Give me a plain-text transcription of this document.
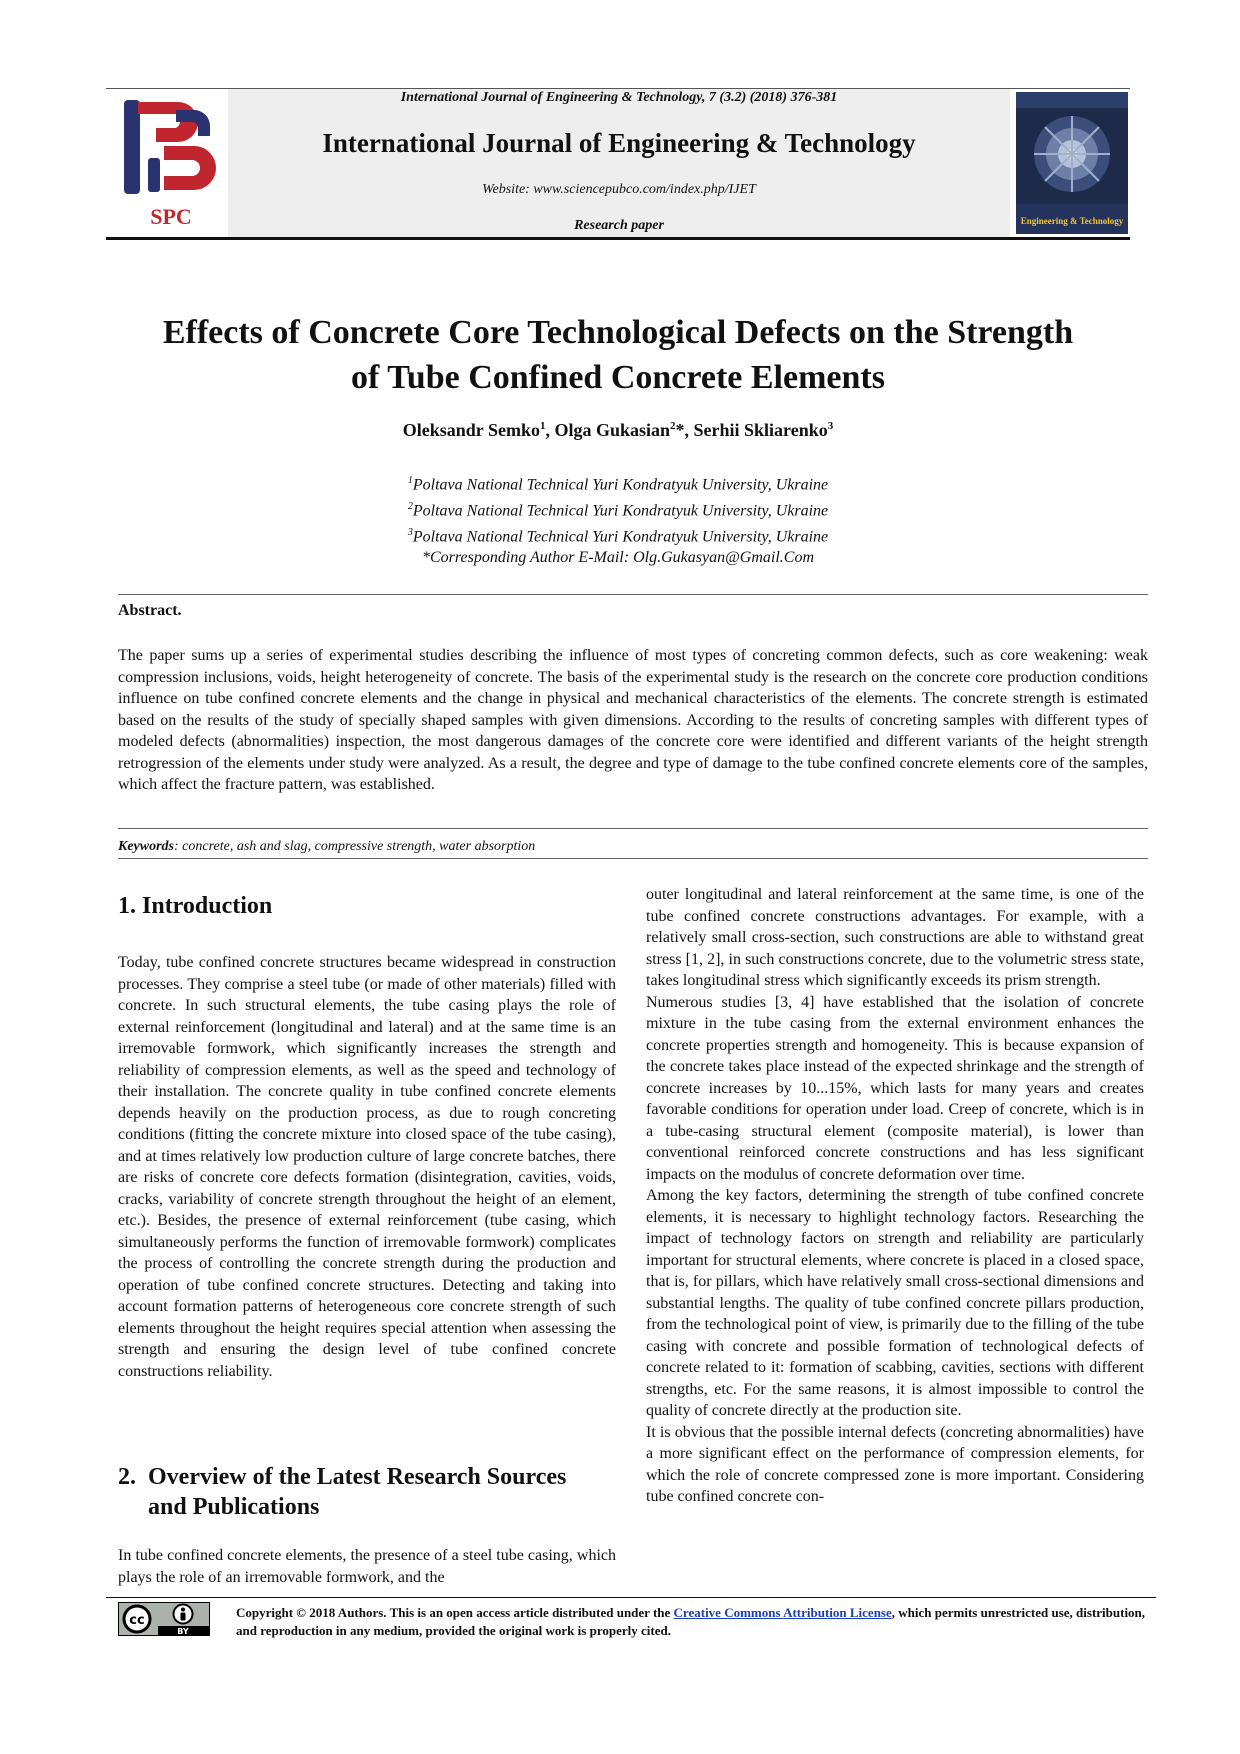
SPC
International Journal of Engineering & Technology, 7 (3.2) (2018) 376-381
International Journal of Engineering & Technology
Website: www.sciencepubco.com/index.php/IJET
Research paper	Engineering & Technology
Effects of Concrete Core Technological Defects on the Strength
of Tube Confined Concrete Elements
Oleksandr Semko$^1$, Olga Gukasian$^2$*, Serhii Skliarenko$^3$
$^1$Poltava National Technical Yuri Kondratyuk University, Ukraine
$^2$Poltava National Technical Yuri Kondratyuk University, Ukraine
$^3$Poltava National Technical Yuri Kondratyuk University, Ukraine
*Corresponding Author E-Mail: Olg.Gukasyan@Gmail.Com
Abstract.
The paper sums up a series of experimental studies describing the influence of most types of concreting common defects, such as core weakening: weak compression inclusions, voids, height heterogeneity of concrete. The basis of the experimental study is the research on the concrete core production conditions influence on tube confined concrete elements and the change in physical and mechanical characteristics of the elements. The concrete strength is estimated based on the results of the study of specially shaped samples with given dimensions. According to the results of concreting samples with different types of modeled defects (abnormalities) inspection, the most dangerous damages of the concrete core were identified and different variants of the height strength retrogression of the elements under study were analyzed. As a result, the degree and type of damage to the tube confined concrete elements core of the samples, which affect the fracture pattern, was established.
Keywords: concrete, ash and slag, compressive strength, water absorption
1. Introduction

Today, tube confined concrete structures became widespread in construction processes. They comprise a steel tube (or made of other materials) filled with concrete. In such structural elements, the tube casing plays the role of external reinforcement (longitudinal and lateral) and at the same time is an irremovable formwork, which significantly increases the strength and reliability of compression elements, as well as the speed and technology of their installation. The concrete quality in tube confined concrete elements depends heavily on the production process, as due to rough concreting conditions (fitting the concrete mixture into closed space of the tube casing), and at times relatively low production culture of large concrete batches, there are risks of concrete core defects formation (disintegration, cavities, voids, cracks, variability of concrete strength throughout the height of an element, etc.). Besides, the presence of external reinforcement (tube casing, which simultaneously performs the function of irremovable formwork) complicates the process of controlling the concrete strength during the production and operation of tube confined concrete structures. Detecting and taking into account formation patterns of heterogeneous core concrete strength of such elements throughout the height requires special attention when assessing the strength and ensuring the design level of tube confined concrete constructions reliability.

2. Overview of the Latest Research Sources
and Publications

In tube confined concrete elements, the presence of a steel tube casing, which plays the role of an irremovable formwork, and the

outer longitudinal and lateral reinforcement at the same time, is one of the tube confined concrete constructions advantages. For example, with a relatively small cross-section, such constructions are able to withstand great stress [1, 2], in such constructions concrete, due to the volumetric stress state, takes longitudinal stress which significantly exceeds its prism strength.

Numerous studies [3, 4] have established that the isolation of concrete mixture in the tube casing from the external environment enhances the concrete properties strength and homogeneity. This is because expansion of the concrete takes place instead of the expected shrinkage and the strength of concrete increases by 10...15%, which lasts for many years and creates favorable conditions for operation under load. Creep of concrete, which is in a tube-casing structural element (composite material), is lower than conventional reinforced concrete constructions and has less significant impacts on the modulus of concrete deformation over time.

Among the key factors, determining the strength of tube confined concrete elements, it is necessary to highlight technology factors. Researching the impact of technology factors on strength and reliability are particularly important for structural elements, where concrete is placed in a closed space, that is, for pillars, which have relatively small cross-sectional dimensions and substantial lengths. The quality of tube confined concrete pillars production, from the technological point of view, is primarily due to the filling of the tube casing with concrete and possible formation of technological defects of concrete related to it: formation of scabbing, cavities, sections with different strengths, etc. For the same reasons, it is almost impossible to control the quality of concrete directly at the production site.

It is obvious that the possible internal defects (concreting abnormalities) have a more significant effect on the performance of compression elements, for which the role of concrete compressed zone is more important. Considering tube confined concrete con-

cc
BY
Copyright © 2018 Authors. This is an open access article distributed under the Creative Commons Attribution License, which permits unrestricted use, distribution, and reproduction in any medium, provided the original work is properly cited.
